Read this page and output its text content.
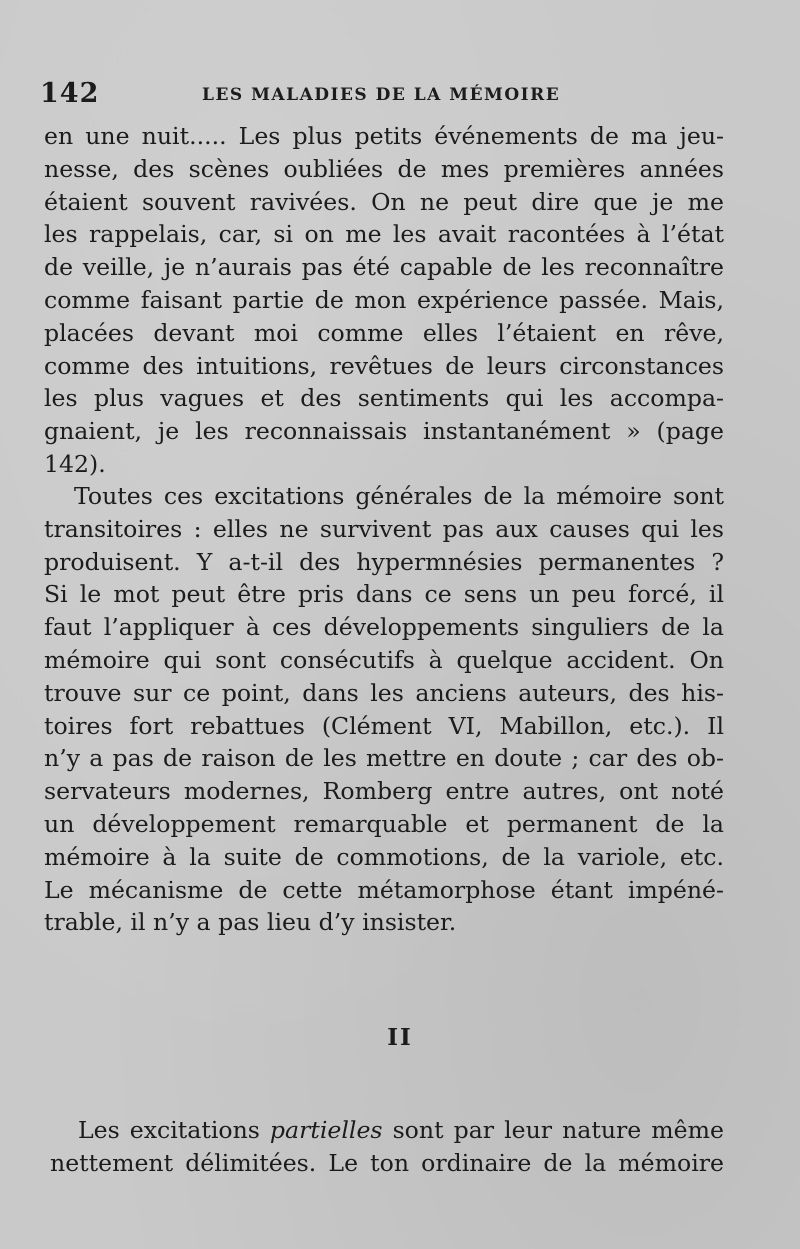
142	LES MALADIES DE LA MÉMOIRE
en une nuit..... Les plus petits événements de ma jeu-
nesse, des scènes oubliées de mes premières années
étaient souvent ravivées. On ne peut dire que je me
les rappelais, car, si on me les avait racontées à l’état
de veille, je n’aurais pas été capable de les reconnaître
comme faisant partie de mon expérience passée. Mais,
placées devant moi comme elles l’étaient en rêve,
comme des intuitions, revêtues de leurs circonstances
les plus vagues et des sentiments qui les accompa-
gnaient, je les reconnaissais instantanément » (page
142).
Toutes ces excitations générales de la mémoire sont
transitoires : elles ne survivent pas aux causes qui les
produisent. Y a-t-il des hypermnésies permanentes ?
Si le mot peut être pris dans ce sens un peu forcé, il
faut l’appliquer à ces développements singuliers de la
mémoire qui sont consécutifs à quelque accident. On
trouve sur ce point, dans les anciens auteurs, des his-
toires fort rebattues (Clément VI, Mabillon, etc.). Il
n’y a pas de raison de les mettre en doute ; car des ob-
servateurs modernes, Romberg entre autres, ont noté
un développement remarquable et permanent de la
mémoire à la suite de commotions, de la variole, etc.
Le mécanisme de cette métamorphose étant impéné-
trable, il n’y a pas lieu d’y insister.
II
Les excitations partielles sont par leur nature même
nettement délimitées. Le ton ordinaire de la mémoire
